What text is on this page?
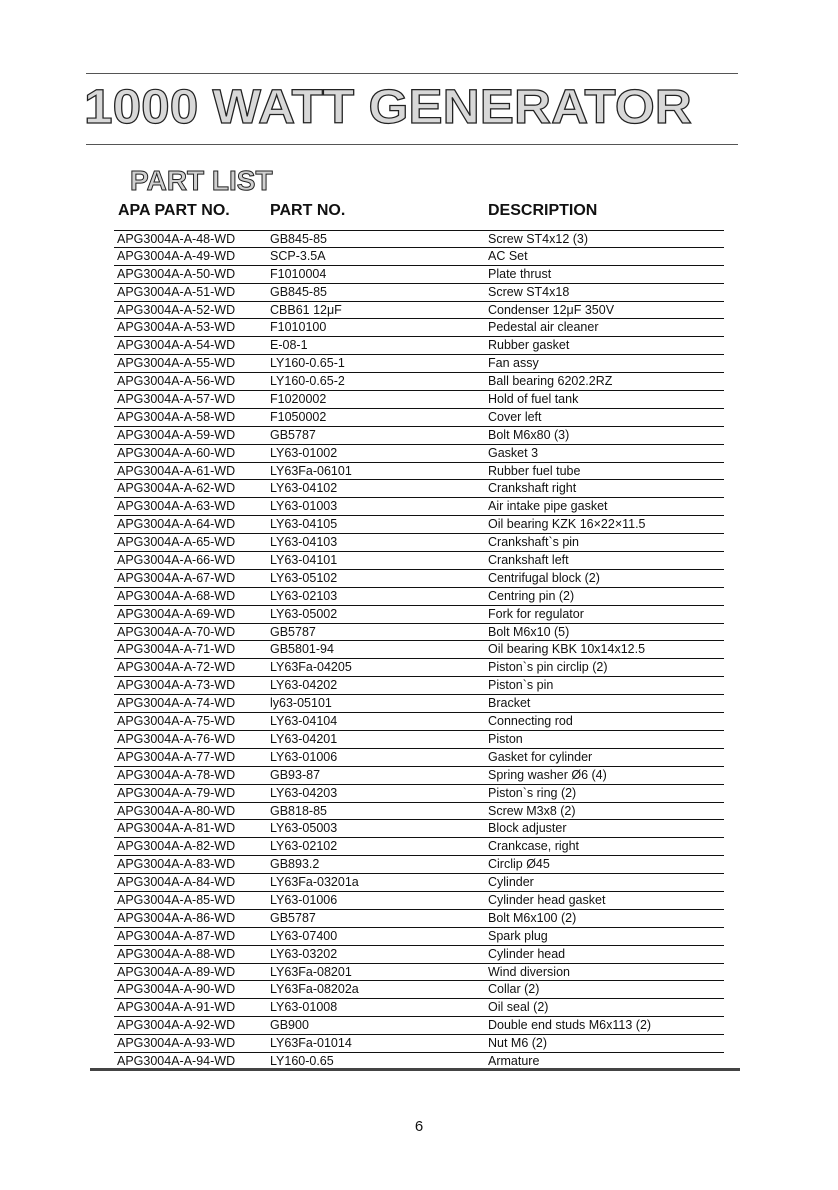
1000 WATT GENERATOR
PART LIST
APA PART NO.	PART NO.	DESCRIPTION
APG3004A-A-48-WD	GB845-85	Screw ST4x12 (3)
APG3004A-A-49-WD	SCP-3.5A	AC Set
APG3004A-A-50-WD	F1010004	Plate thrust
APG3004A-A-51-WD	GB845-85	Screw ST4x18
APG3004A-A-52-WD	CBB61 12μF	Condenser 12μF 350V
APG3004A-A-53-WD	F1010100	Pedestal air cleaner
APG3004A-A-54-WD	E-08-1	Rubber gasket
APG3004A-A-55-WD	LY160-0.65-1	Fan assy
APG3004A-A-56-WD	LY160-0.65-2	Ball bearing 6202.2RZ
APG3004A-A-57-WD	F1020002	Hold of fuel tank
APG3004A-A-58-WD	F1050002	Cover left
APG3004A-A-59-WD	GB5787	Bolt M6x80 (3)
APG3004A-A-60-WD	LY63-01002	Gasket 3
APG3004A-A-61-WD	LY63Fa-06101	Rubber fuel tube
APG3004A-A-62-WD	LY63-04102	Crankshaft right
APG3004A-A-63-WD	LY63-01003	Air intake pipe gasket
APG3004A-A-64-WD	LY63-04105	Oil bearing KZK 16×22×11.5
APG3004A-A-65-WD	LY63-04103	Crankshaft`s pin
APG3004A-A-66-WD	LY63-04101	Crankshaft left
APG3004A-A-67-WD	LY63-05102	Centrifugal block (2)
APG3004A-A-68-WD	LY63-02103	Centring pin (2)
APG3004A-A-69-WD	LY63-05002	Fork for regulator
APG3004A-A-70-WD	GB5787	Bolt M6x10 (5)
APG3004A-A-71-WD	GB5801-94	Oil bearing KBK 10x14x12.5
APG3004A-A-72-WD	LY63Fa-04205	Piston`s pin circlip (2)
APG3004A-A-73-WD	LY63-04202	Piston`s pin
APG3004A-A-74-WD	ly63-05101	Bracket
APG3004A-A-75-WD	LY63-04104	Connecting rod
APG3004A-A-76-WD	LY63-04201	Piston
APG3004A-A-77-WD	LY63-01006	Gasket for cylinder
APG3004A-A-78-WD	GB93-87	Spring washer Ø6 (4)
APG3004A-A-79-WD	LY63-04203	Piston`s ring (2)
APG3004A-A-80-WD	GB818-85	Screw M3x8 (2)
APG3004A-A-81-WD	LY63-05003	Block adjuster
APG3004A-A-82-WD	LY63-02102	Crankcase, right
APG3004A-A-83-WD	GB893.2	Circlip Ø45
APG3004A-A-84-WD	LY63Fa-03201a	Cylinder
APG3004A-A-85-WD	LY63-01006	Cylinder head gasket
APG3004A-A-86-WD	GB5787	Bolt M6x100 (2)
APG3004A-A-87-WD	LY63-07400	Spark plug
APG3004A-A-88-WD	LY63-03202	Cylinder head
APG3004A-A-89-WD	LY63Fa-08201	Wind diversion
APG3004A-A-90-WD	LY63Fa-08202a	Collar (2)
APG3004A-A-91-WD	LY63-01008	Oil seal (2)
APG3004A-A-92-WD	GB900	Double end studs M6x113 (2)
APG3004A-A-93-WD	LY63Fa-01014	Nut M6 (2)
APG3004A-A-94-WD	LY160-0.65	Armature
6
